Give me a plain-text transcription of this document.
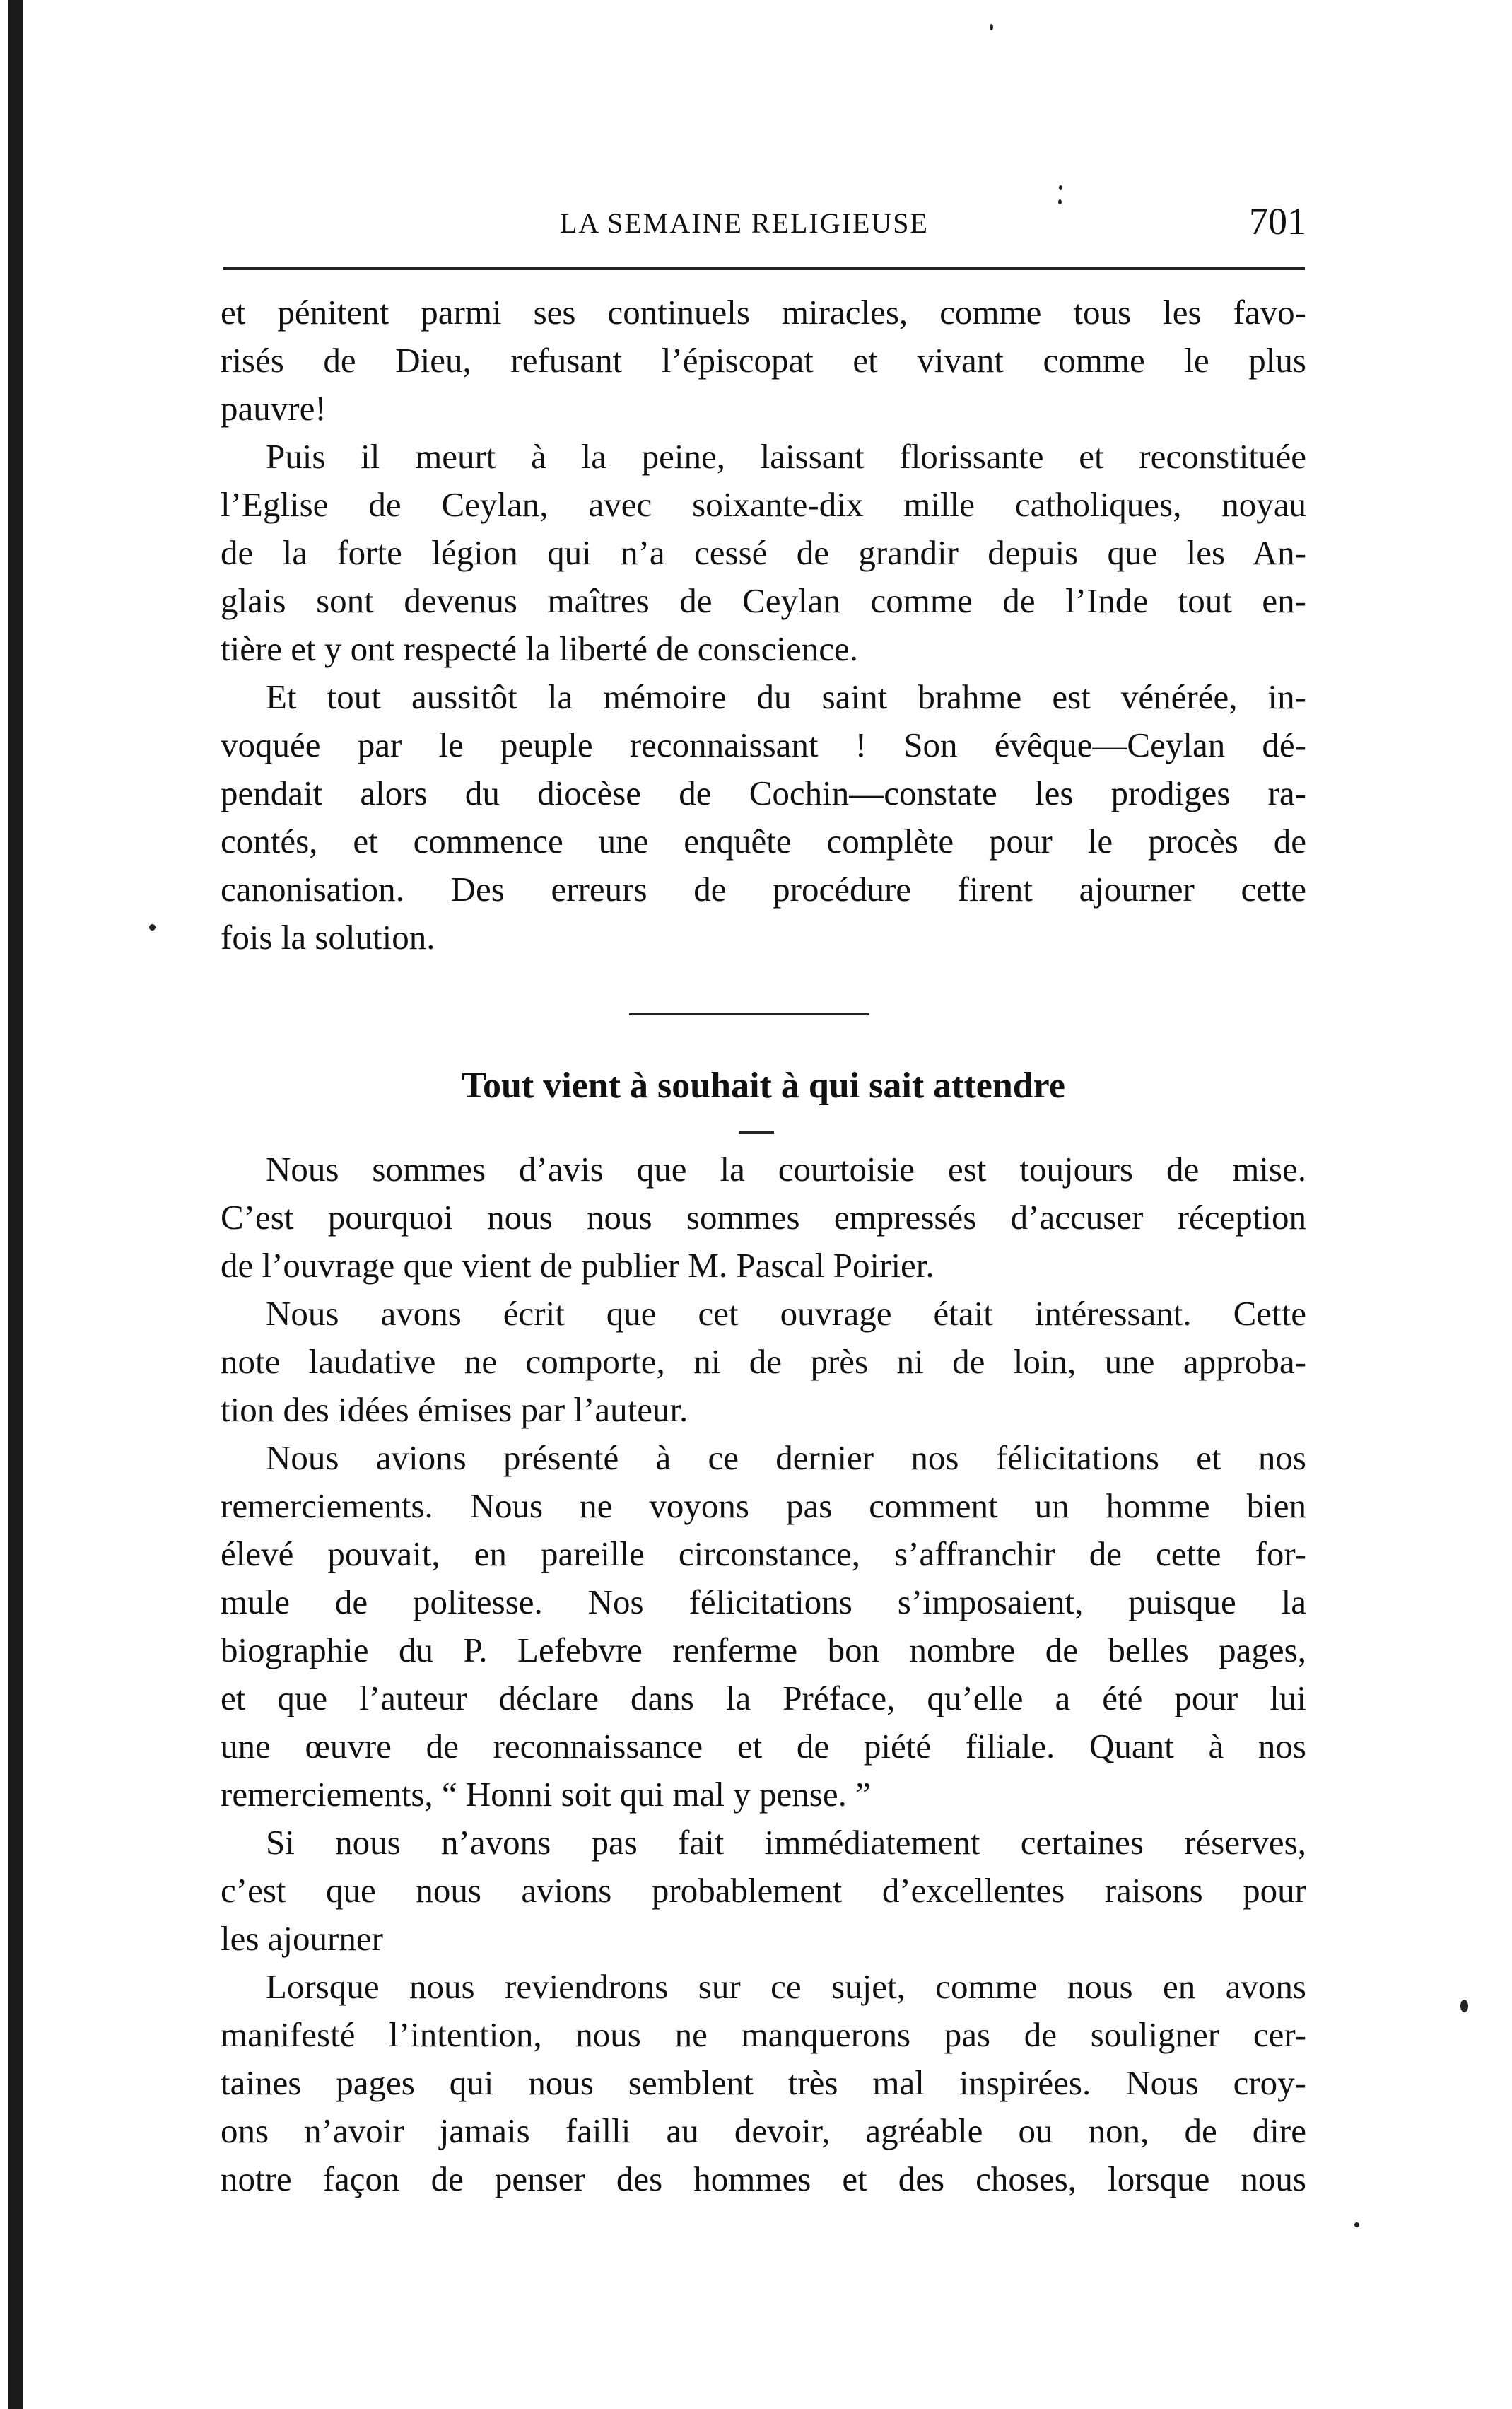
LA SEMAINE RELIGIEUSE	701
et pénitent parmi ses continuels miracles, comme tous les favo-
risés de Dieu, refusant l’épiscopat et vivant comme le plus
pauvre!
Puis il meurt à la peine, laissant florissante et reconstituée
l’Eglise de Ceylan, avec soixante-dix mille catholiques, noyau
de la forte légion qui n’a cessé de grandir depuis que les An-
glais sont devenus maîtres de Ceylan comme de l’Inde tout en-
tière et y ont respecté la liberté de conscience.
Et tout aussitôt la mémoire du saint brahme est vénérée, in-
voquée par le peuple reconnaissant ! Son évêque—Ceylan dé-
pendait alors du diocèse de Cochin—constate les prodiges ra-
contés, et commence une enquête complète pour le procès de
canonisation. Des erreurs de procédure firent ajourner cette
fois la solution.
Tout vient à souhait à qui sait attendre
Nous sommes d’avis que la courtoisie est toujours de mise.
C’est pourquoi nous nous sommes empressés d’accuser réception
de l’ouvrage que vient de publier M. Pascal Poirier.
Nous avons écrit que cet ouvrage était intéressant. Cette
note laudative ne comporte, ni de près ni de loin, une approba-
tion des idées émises par l’auteur.
Nous avions présenté à ce dernier nos félicitations et nos
remerciements. Nous ne voyons pas comment un homme bien
élevé pouvait, en pareille circonstance, s’affranchir de cette for-
mule de politesse. Nos félicitations s’imposaient, puisque la
biographie du P. Lefebvre renferme bon nombre de belles pages,
et que l’auteur déclare dans la Préface, qu’elle a été pour lui
une œuvre de reconnaissance et de piété filiale. Quant à nos
remerciements, “ Honni soit qui mal y pense. ”
Si nous n’avons pas fait immédiatement certaines réserves,
c’est que nous avions probablement d’excellentes raisons pour
les ajourner
Lorsque nous reviendrons sur ce sujet, comme nous en avons
manifesté l’intention, nous ne manquerons pas de souligner cer-
taines pages qui nous semblent très mal inspirées. Nous croy-
ons n’avoir jamais failli au devoir, agréable ou non, de dire
notre façon de penser des hommes et des choses, lorsque nous
